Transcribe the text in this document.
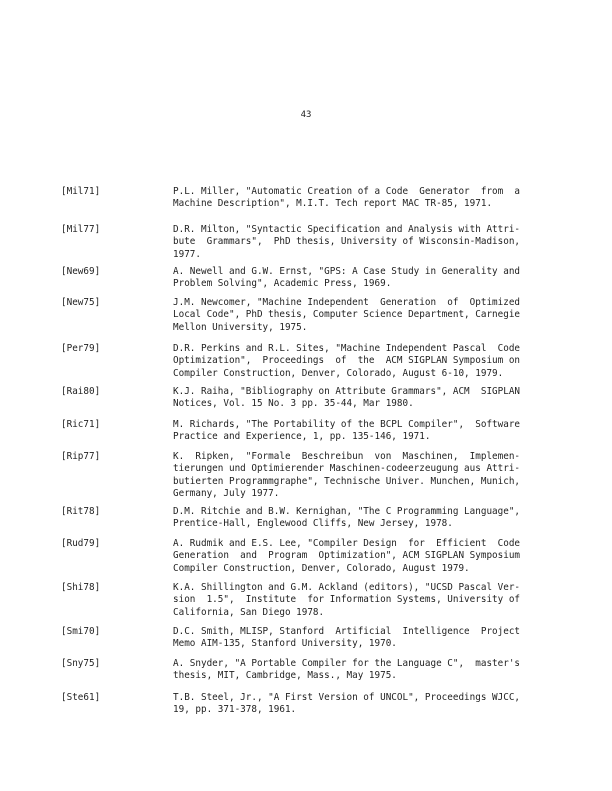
43
[Mil71]	P.L. Miller, "Automatic Creation of a Code  Generator  from  a
Machine Description", M.I.T. Tech report MAC TR-85, 1971.
[Mil77]	D.R. Milton, "Syntactic Specification and Analysis with Attri-
bute  Grammars",  PhD thesis, University of Wisconsin-Madison,
1977.
[New69]	A. Newell and G.W. Ernst, "GPS: A Case Study in Generality and
Problem Solving", Academic Press, 1969.
[New75]	J.M. Newcomer, "Machine Independent  Generation  of  Optimized
Local Code", PhD thesis, Computer Science Department, Carnegie
Mellon University, 1975.
[Per79]	D.R. Perkins and R.L. Sites, "Machine Independent Pascal  Code
Optimization",  Proceedings  of  the  ACM SIGPLAN Symposium on
Compiler Construction, Denver, Colorado, August 6-10, 1979.
[Rai80]	K.J. Raiha, "Bibliography on Attribute Grammars", ACM  SIGPLAN
Notices, Vol. 15 No. 3 pp. 35-44, Mar 1980.
[Ric71]	M. Richards, "The Portability of the BCPL Compiler",  Software
Practice and Experience, 1, pp. 135-146, 1971.
[Rip77]	K.  Ripken,  "Formale  Beschreibun  von  Maschinen,  Implemen-
tierungen und Optimierender Maschinen-codeerzeugung aus Attri-
butierten Programmgraphe", Technische Univer. Munchen, Munich,
Germany, July 1977.
[Rit78]	D.M. Ritchie and B.W. Kernighan, "The C Programming Language",
Prentice-Hall, Englewood Cliffs, New Jersey, 1978.
[Rud79]	A. Rudmik and E.S. Lee, "Compiler Design  for  Efficient  Code
Generation  and  Program  Optimization", ACM SIGPLAN Symposium
Compiler Construction, Denver, Colorado, August 1979.
[Shi78]	K.A. Shillington and G.M. Ackland (editors), "UCSD Pascal Ver-
sion  1.5",  Institute  for Information Systems, University of
California, San Diego 1978.
[Smi70]	D.C. Smith, MLISP, Stanford  Artificial  Intelligence  Project
Memo AIM-135, Stanford University, 1970.
[Sny75]	A. Snyder, "A Portable Compiler for the Language C",  master's
thesis, MIT, Cambridge, Mass., May 1975.
[Ste61]	T.B. Steel, Jr., "A First Version of UNCOL", Proceedings WJCC,
19, pp. 371-378, 1961.
